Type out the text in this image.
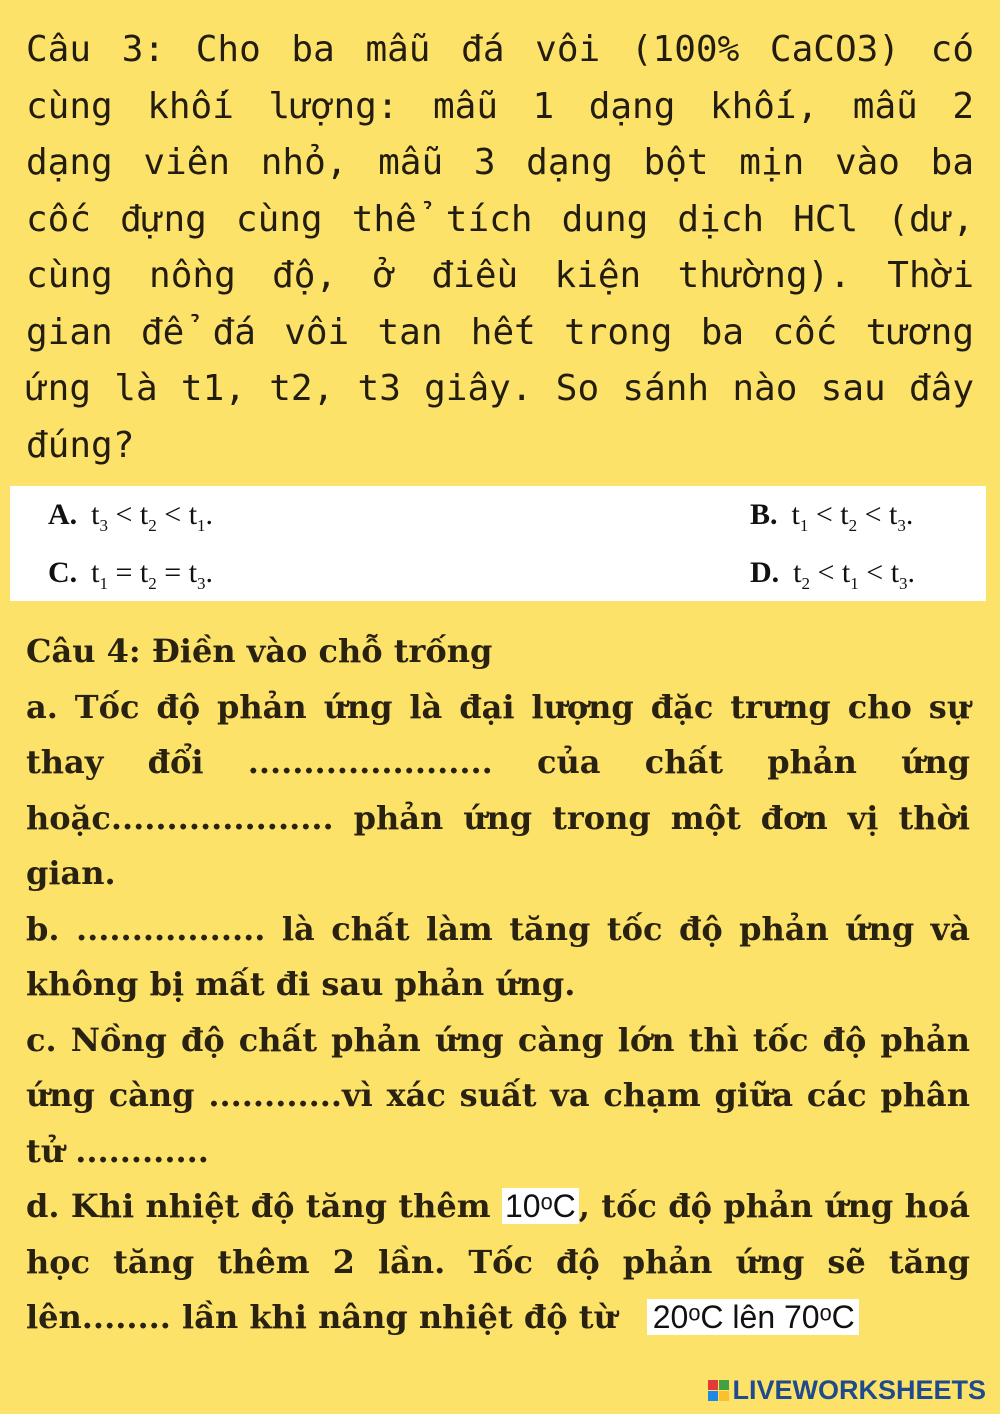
Câu 3: Cho ba mẫu đá vôi (100% CaCO3) có cùng khối lượng: mẫu 1 dạng khối, mẫu 2 dạng viên nhỏ, mẫu 3 dạng bột mịn vào ba cốc đựng cùng thể tích dung dịch HCl (dư, cùng nồng độ, ở điều kiện thường). Thời gian để đá vôi tan hết trong ba cốc tương ứng là t1, t2, t3 giây. So sánh nào sau đây đúng?
A. $t_3 < t_2 < t_1$.	B. $t_1 < t_2 < t_3$.
C. $t_1 = t_2 = t_3$.	D. $t_2 < t_1 < t_3$.

Câu 4: Điền vào chỗ trống

a. Tốc độ phản ứng là đại lượng đặc trưng cho sự thay đổi ...................... của chất phản ứng hoặc.................... phản ứng trong một đơn vị thời gian.

b. ................. là chất làm tăng tốc độ phản ứng và không bị mất đi sau phản ứng.

c. Nồng độ chất phản ứng càng lớn thì tốc độ phản ứng càng ............vì xác suất va chạm giữa các phân tử ............

d. Khi nhiệt độ tăng thêm 10ᵒC, tốc độ phản ứng hoá học tăng thêm 2 lần. Tốc độ phản ứng sẽ tăng lên........ lần khi nâng nhiệt độ từ 20ᵒC lên 70ᵒC

LIVEWORKSHEETS
